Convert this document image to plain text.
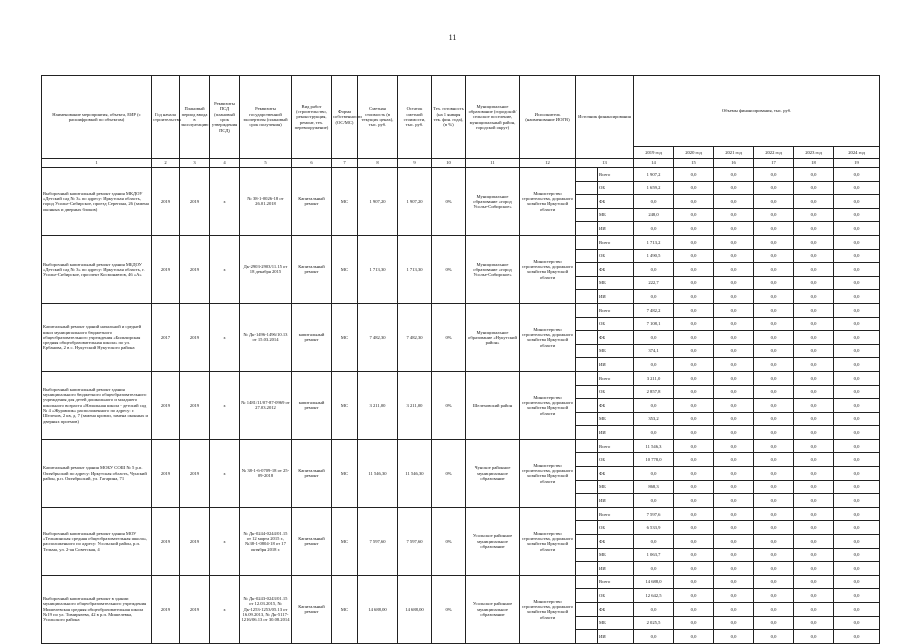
11
Наименование мероприятия, объекта, ЕИР (с расшифровкой по объектам)	Год начала строительства	Плановый период ввода в эксплуатацию	Реквизиты ПСД (плановый срок утверждения ПСД)	Реквизиты государственной экспертизы (плановый срок получения)	Вид работ (строительство, реконструкция, ремонт, тех. перевооружение)	Форма собственности (ОС/МС)	Сметная стоимость (в текущих ценах), тыс. руб.	Остаток сметной стоимости, тыс. руб.	Тех. готовность (на 1 января тек. фин. года), (в %)	Муниципальное образование (городской/сельское поселение, муниципальный район, городской округ)	Исполнитель (наименование ИОГВ)	Источник финансирования		Объемы финансирования, тыс. руб.					
														2019 год	2020 год	2021 год	2022 год	2023 год	2024 год
1	2	3	4	5	6	7	8	9	10	11	12	13		14	15	16	17	18	19
Выборочный капитальный ремонт здания МКДОУ «Детский сад № 3» по адресу: Иркутская область, город Усолье-Сибирское, проезд Серегина, 26 (замена оконных и дверных блоков)	2019	2019	х	№ 38-1-0026-18 от 26.01.2018	Капитальный ремонт	МС	1 907,20	1 907,20	0%	Муниципальное образование «город Усолье-Сибирское»	Министерство строительства, дорожного хозяйства Иркутской области		Всего	1 907,2	0,0	0,0	0,0	0,0	0,0
													ОБ	1 659,2	0,0	0,0	0,0	0,0	0,0
													ФБ	0,0	0,0	0,0	0,0	0,0	0,0
													МБ	248,0	0,0	0,0	0,0	0,0	0,0
													ИИ	0,0	0,0	0,0	0,0	0,0	0,0
Выборочный капитальный ремонт здания МБДОУ «Детский сад № 3» по адресу: Иркутская область, г. Усолье-Сибирское, проспект Космонавтов, 46 «А»	2019	2019	х	Дк-2903-2903/11.15 от 18 декабря 2015	Капитальный ремонт	МС	1 713,30	1 713,30	0%	Муниципальное образование «город Усолье-Сибирское»	Министерство строительства, дорожного хозяйства Иркутской области		Всего	1 713,2	0,0	0,0	0,0	0,0	0,0
													ОБ	1 490,5	0,0	0,0	0,0	0,0	0,0
													ФБ	0,0	0,0	0,0	0,0	0,0	0,0
													МБ	222,7	0,0	0,0	0,0	0,0	0,0
													ИИ	0,0	0,0	0,0	0,0	0,0	0,0
Капитальный ремонт зданий начальной и средней школ муниципального бюджетного общеобразовательного учреждения «Бильчирская средняя общеобразовательная школа» по ул. Ербанова, 2 в с. Нукутский Нукутского района	2017	2019	х	№ Дк-1496-1496/10.13 от 15.03.2014	капитальный ремонт	МС	7 482,30	7 482,30	0%	Муниципальное образование «Нукутский район»	Министерство строительства, дорожного хозяйства Иркутской области		Всего	7 482,2	0,0	0,0	0,0	0,0	0,0
													ОБ	7 108,1	0,0	0,0	0,0	0,0	0,0
													ФБ	0,0	0,0	0,0	0,0	0,0	0,0
													МБ	374,1	0,0	0,0	0,0	0,0	0,0
													ИИ	0,0	0,0	0,0	0,0	0,0	0,0
Выборочный капитальный ремонт здания муниципального бюджетного общеобразовательного учреждения для детей дошкольного и младшего школьного возраста «Начальная школа - детский сад № 4 «Журавлик» расположенного по адресу: г. Шелехов, 2 кв, д. 7 (замена кровли, замена оконных и дверных проемов)	2019	2019	х	№ 1481/11/07-87-0969 от 27.03.2012	капитальный ремонт	МС	3 211,00	3 211,00	0%	Шелеховский район	Министерство строительства, дорожного хозяйства Иркутской области		Всего	3 211,0	0,0	0,0	0,0	0,0	0,0
													ОБ	2 857,8	0,0	0,0	0,0	0,0	0,0
													ФБ	0,0	0,0	0,0	0,0	0,0	0,0
													МБ	353,2	0,0	0,0	0,0	0,0	0,0
													ИИ	0,0	0,0	0,0	0,0	0,0	0,0
Капитальный ремонт здания МОБУ СОШ № 5 р.п. Октябрьский по адресу: Иркутская область, Чунский район, р.п. Октябрьский, ул. Гагарина, 71	2019	2019	х	№ 38-1-6-0709-18 от 25-09-2018	Капитальный ремонт	МС	11 546,30	11 546,30	0%	Чунское районное муниципальное образование	Министерство строительства, дорожного хозяйства Иркутской области		Всего	11 546,3	0,0	0,0	0,0	0,0	0,0
													ОБ	10 778,0	0,0	0,0	0,0	0,0	0,0
													ФБ	0,0	0,0	0,0	0,0	0,0	0,0
													МБ	868,3	0,0	0,0	0,0	0,0	0,0
													ИИ	0,0	0,0	0,0	0,0	0,0	0,0
Выборочный капитальный ремонт здания МОУ «Тельминская средняя общеобразовательная школа», расположенного по адресу: Усольский район, р.п. Тельма, ул. 2-ая Советская, 4	2019	2019	х	№ Дк-0244-0244/01.15 от 12 марта 2015 г., №38-1-0804-18 от 17 октября 2018 г.	Капитальный ремонт	МС	7 597,60	7 597,60	0%	Усольское районное муниципальное образование	Министерство строительства, дорожного хозяйства Иркутской области		Всего	7 597,6	0,0	0,0	0,0	0,0	0,0
													ОБ	6 533,9	0,0	0,0	0,0	0,0	0,0
													ФБ	0,0	0,0	0,0	0,0	0,0	0,0
													МБ	1 063,7	0,0	0,0	0,0	0,0	0,0
													ИИ	0,0	0,0	0,0	0,0	0,0	0,0
Выборочный капитальный ремонт в здании муниципального общеобразовательного учреждения Мишелевская средняя общеобразовательная школа №19 по ул. Тимирязева, 42 в р.п. Мишелевка, Усольского района	2019	2019	х	№ Дк-0243-0243/01.15 от 12.03.2015, № Дк-1253-1253/05.13 от 16.09.2013, № Дк-5117-1216/06.13 от 30.08.2014	Капитальный ремонт	МС	14 688,00	14 688,00	0%	Усольское районное муниципальное образование	Министерство строительства, дорожного хозяйства Иркутской области		Всего	14 688,0	0,0	0,0	0,0	0,0	0,0
													ОБ	12 642,5	0,0	0,0	0,0	0,0	0,0
													ФБ	0,0	0,0	0,0	0,0	0,0	0,0
													МБ	2 025,5	0,0	0,0	0,0	0,0	0,0
													ИИ	0,0	0,0	0,0	0,0	0,0	0,0
